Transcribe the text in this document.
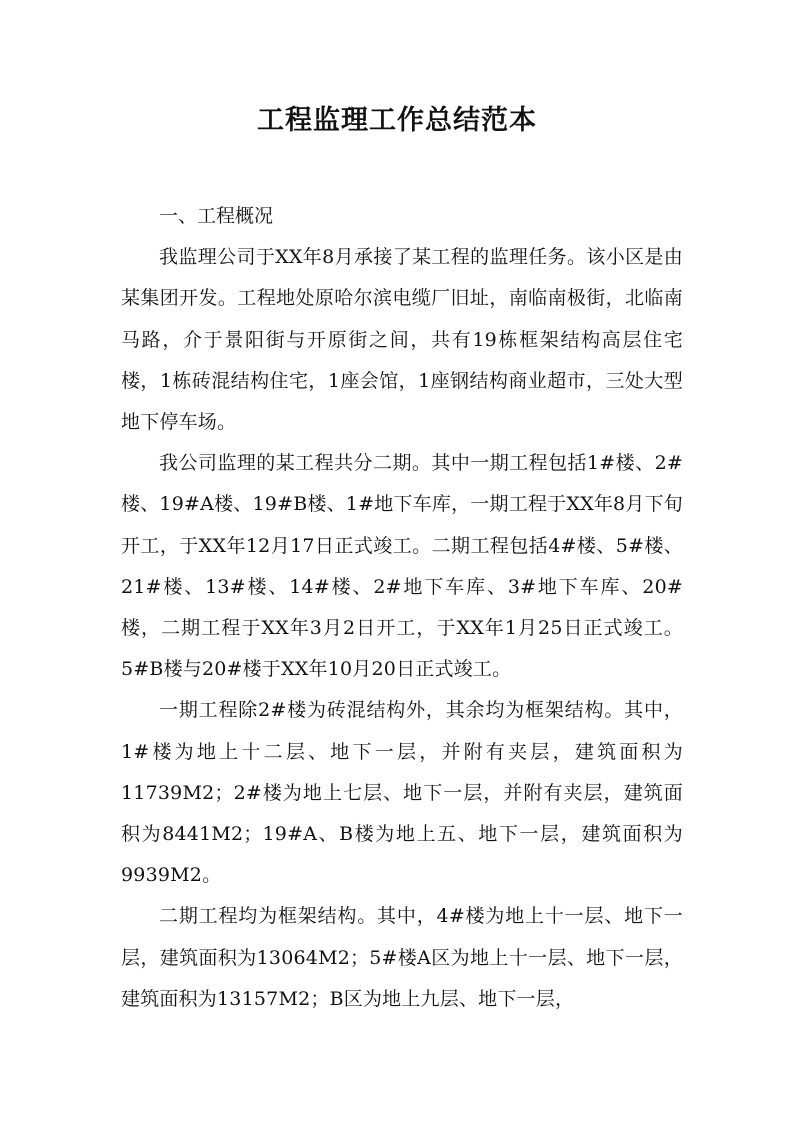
工程监理工作总结范本
一、工程概况

我监理公司于XX年8月承接了某工程的监理任务。该小区是由某集团开发。工程地处原哈尔滨电缆厂旧址，南临南极街，北临南马路，介于景阳街与开原街之间，共有19栋框架结构高层住宅楼，1栋砖混结构住宅，1座会馆，1座钢结构商业超市，三处大型地下停车场。

我公司监理的某工程共分二期。其中一期工程包括1#楼、2#楼、19#A楼、19#B楼、1#地下车库，一期工程于XX年8月下旬开工，于XX年12月17日正式竣工。二期工程包括4#楼、5#楼、21#楼、13#楼、14#楼、2#地下车库、3#地下车库、20#楼，二期工程于XX年3月2日开工，于XX年1月25日正式竣工。5#B楼与20#楼于XX年10月20日正式竣工。

一期工程除2#楼为砖混结构外，其余均为框架结构。其中，1#楼为地上十二层、地下一层，并附有夹层，建筑面积为11739M2；2#楼为地上七层、地下一层，并附有夹层，建筑面积为8441M2；19#A、B楼为地上五、地下一层，建筑面积为9939M2。

二期工程均为框架结构。其中，4#楼为地上十一层、地下一层，建筑面积为13064M2；5#楼A区为地上十一层、地下一层，建筑面积为13157M2；B区为地上九层、地下一层，
